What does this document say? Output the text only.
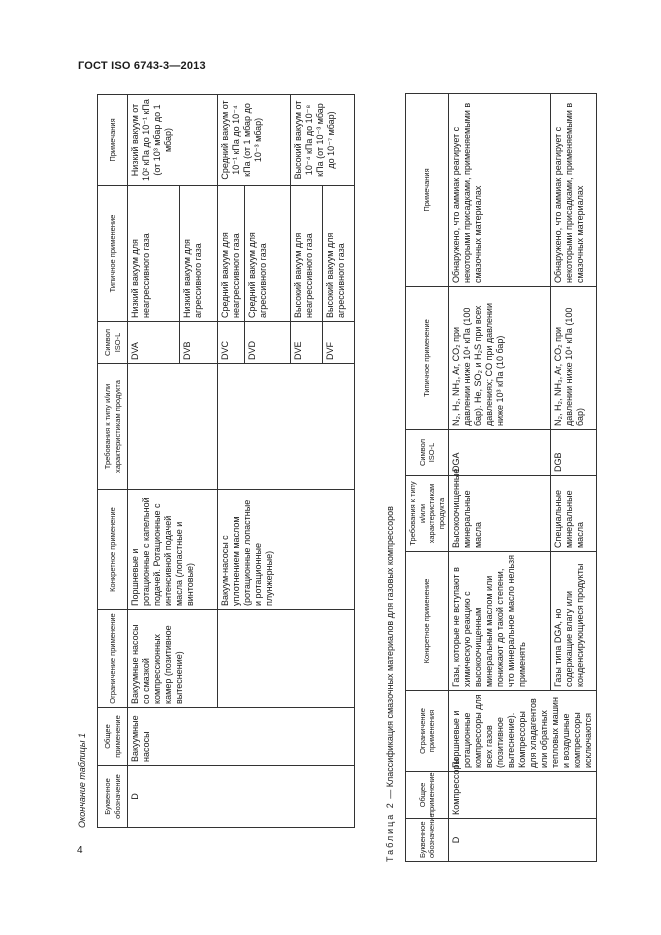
ГОСТ ISO 6743-3—2013
Окончание таблицы 1 Буквенное обозначение	Общее применение	Ограничение применение	Конкретное применение	Требования к типу и/или характеристикам продукта	Символ ISO-L	Типичное применение	Примечания
D	Вакуумные насосы	Вакуумные насосы со смазкой компрессионных камер (позитивное вытеснение)	Поршневые и ротационные с капельной подачей. Ротационные с интенсивной подачей масла (лопастные и винтовые)		DVA	Низкий вакуум для неагрессивного газа	Низкий вакуум от 10² кПа до 10⁻¹ кПа (от 10³ мбар до 1 мбар)
					DVB	Низкий вакуум для агрессивного газа	
			Вакуум-насосы с уплотнением маслом (ротационные лопастные и ротационные плунжерные)		DVC	Средний вакуум для неагрессивного газа	Средний вакуум от 10⁻¹ кПа до 10⁻⁴ кПа (от 1 мбар до 10⁻³ мбар)
					DVD	Средний вакуум для агрессивного газа	
					DVE	Высокий вакуум для неагрессивного газа	Высокий вакуум от 10⁻⁴ кПа до 10⁻⁸ кПа (от 10⁻³ мбар до 10⁻⁷ мбар)
					DVF	Высокий вакуум для агрессивного газа	
Таблица 2 — Классификация смазочных материалов для газовых компрессоров
Буквенное обозначение	Общее применение	Ограничение применения	Конкретное применение	Требования к типу и/или характеристикам продукта	Символ ISO-L	Типичное применение	Примечания
D	Компрессоры	Поршневые и ротационные компрессоры для всех газов (позитивное вытеснение). Компрессоры для хладагентов или обратных тепловых машин и воздушные компрессоры исключаются	Газы, которые не вступают в химическую реакцию с высокоочищенным минеральным маслом или понижают до такой степени, что минеральное масло нельзя применять	Высокоочищенные минеральные масла	DGA	N₂, H₂, NH₃, Ar, CO₂ при давлении ниже 10⁴ кПа (100 бар). He, SO₂ и H₂S при всех давлениях; CO при давлении ниже 10³ кПа (10 бар)	Обнаружено, что аммиак реагирует с некоторыми присадками, применяемыми в смазочных материалах
			Газы типа DGA, но содержащие влагу или конденсирующиеся продукты	Специальные минеральные масла	DGB	N₂, H₂, NH₃, Ar, CO₂ при давлении ниже 10⁴ кПа (100 бар)	Обнаружено, что аммиак реагирует с некоторыми присадками, применяемыми в смазочных материалах
4
